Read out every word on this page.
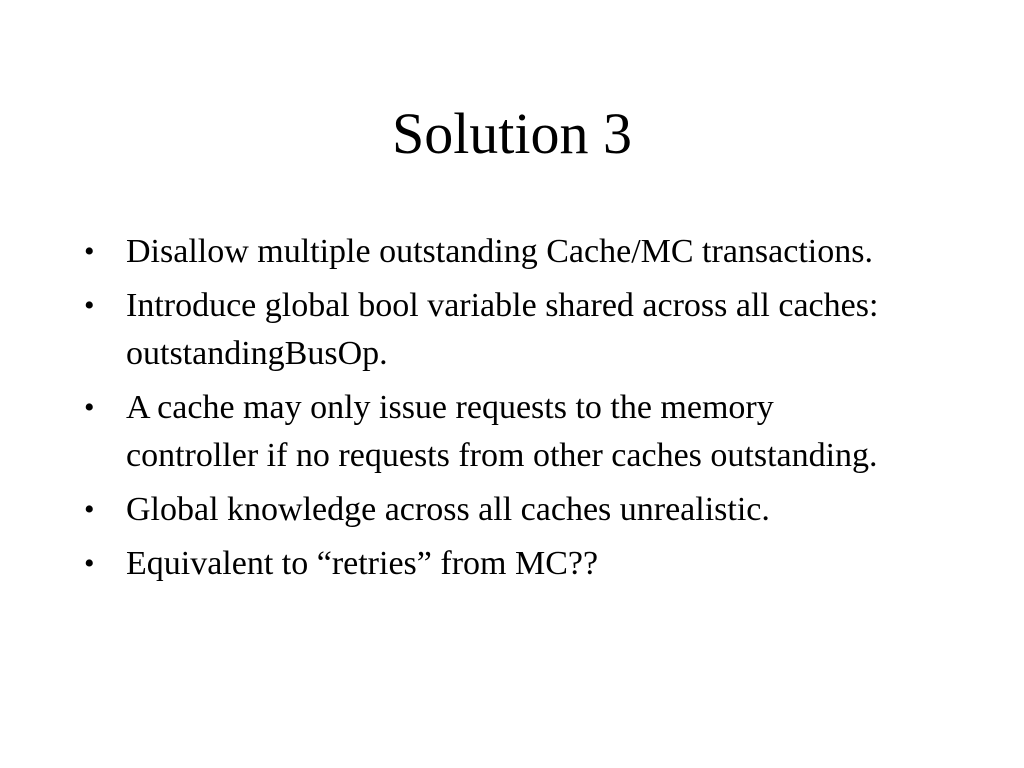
Solution 3
• Disallow multiple outstanding Cache/MC transactions.
• Introduce global bool variable shared across all caches: outstandingBusOp.
• A cache may only issue requests to the memory controller if no requests from other caches outstanding.
• Global knowledge across all caches unrealistic.
• Equivalent to “retries” from MC??
